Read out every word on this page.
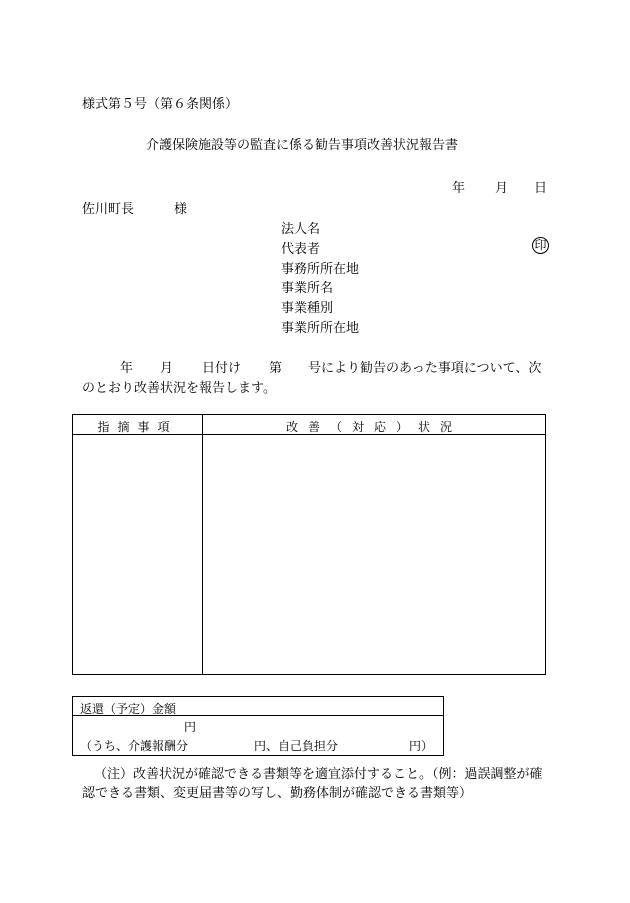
様式第５号（第６条関係）
介護保険施設等の監査に係る勧告事項改善状況報告書
年 月 日
佐川町長	様
法人名
代表者	印
事務所所在地
事業所名
事業種別
事業所所在地
年 月 日付け 第 号により勧告のあった事項について、次
のとおり改善状況を報告します。
指摘事項	改善（対応）状況
返還（予定）金額
円
（うち、介護報酬分	円、自己負担分	円）
（注）改善状況が確認できる書類等を適宜添付すること。（例：過誤調整が確
認できる書類、変更届書等の写し、勤務体制が確認できる書類等）
